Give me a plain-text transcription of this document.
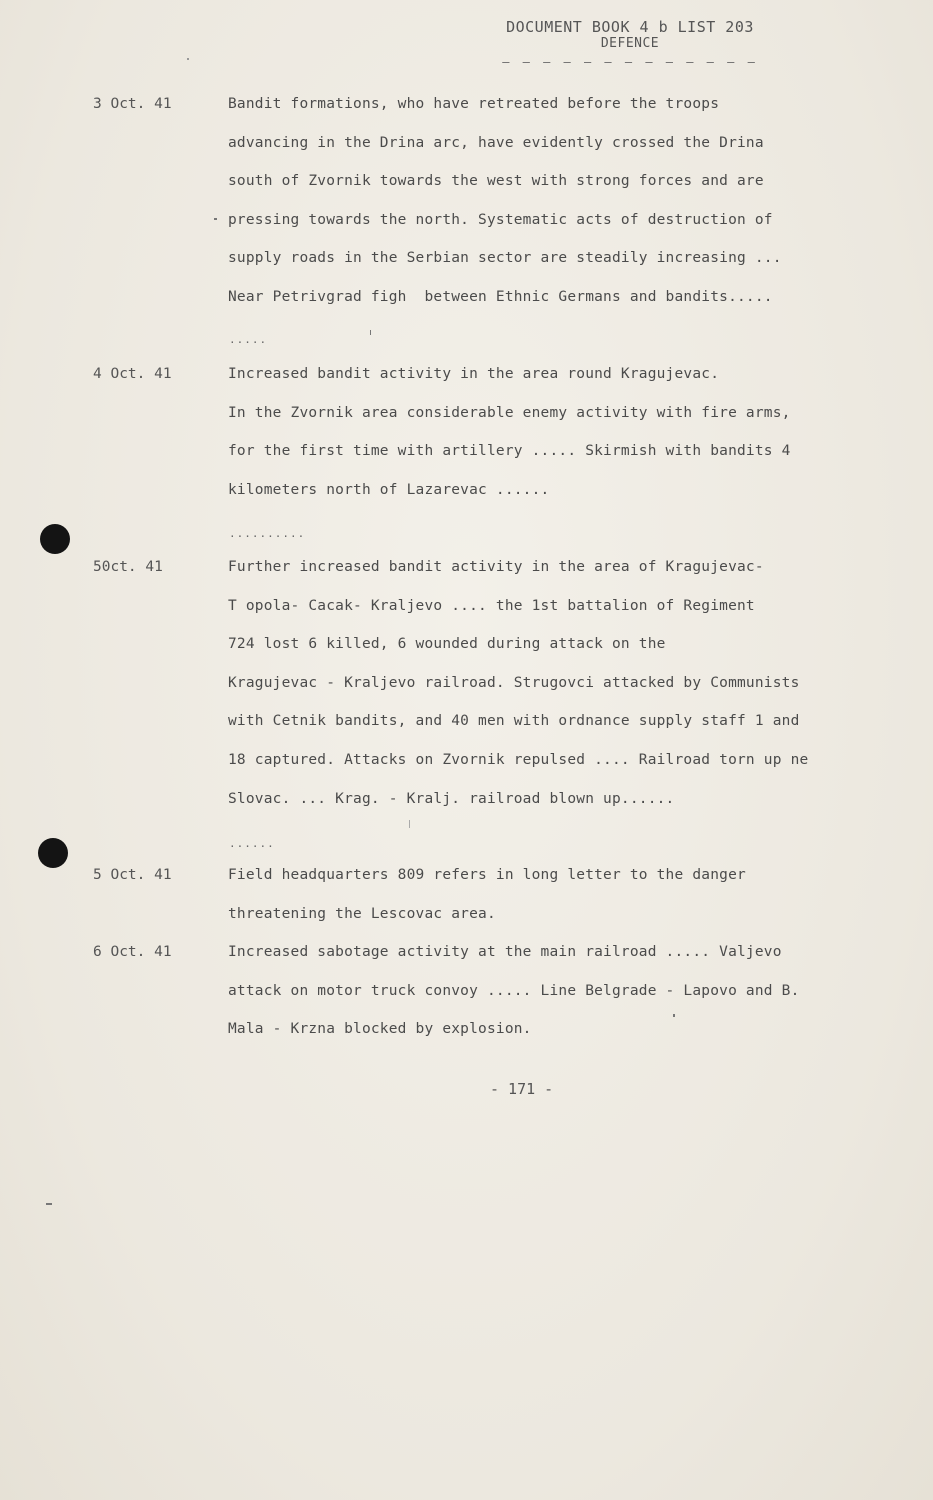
DOCUMENT BOOK 4 b LIST 203
DEFENCE
— — — — — — — — — — — — —
3 Oct. 41	Bandit formations, who have retreated before the troops
advancing in the Drina arc, have evidently crossed the Drina
south of Zvornik towards the west with strong forces and are
pressing towards the north. Systematic acts of destruction of
supply roads in the Serbian sector are steadily increasing ...
Near Petrivgrad figh  between Ethnic Germans and bandits.....
.....
4 Oct. 41	Increased bandit activity in the area round Kragujevac.
In the Zvornik area considerable enemy activity with fire arms,
for the first time with artillery ..... Skirmish with bandits 4
kilometers north of Lazarevac ......
..........
50ct. 41	Further increased bandit activity in the area of Kragujevac-
T opola- Cacak- Kraljevo .... the 1st battalion of Regiment
724 lost 6 killed, 6 wounded during attack on the
Kragujevac - Kraljevo railroad. Strugovci attacked by Communists
with Cetnik bandits, and 40 men with ordnance supply staff 1 and
18 captured. Attacks on Zvornik repulsed .... Railroad torn up ne
Slovac. ... Krag. - Kralj. railroad blown up......
......
5 Oct. 41	Field headquarters 809 refers in long letter to the danger
threatening the Lescovac area.
6 Oct. 41	Increased sabotage activity at the main railroad ..... Valjevo
attack on motor truck convoy ..... Line Belgrade - Lapovo and B.
Mala - Krzna blocked by explosion.
- 171 -
